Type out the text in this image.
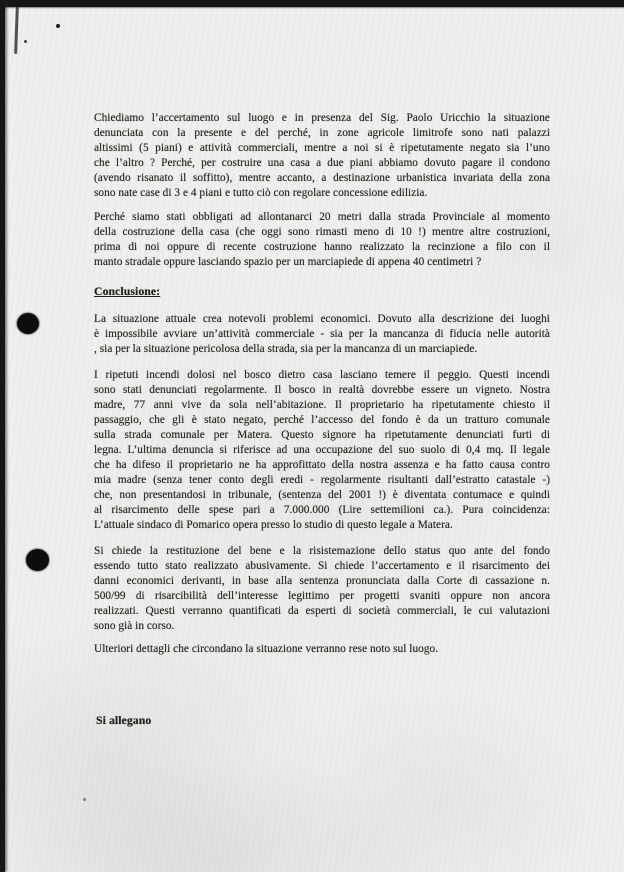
Chiediamo l’accertamento sul luogo e in presenza del Sig. Paolo Uricchio la situazione
denunciata con la presente e del perché, in zone agricole limitrofe sono nati palazzi
altissimi (5 piani) e attività commerciali, mentre a noi si è ripetutamente negato sia l’uno
che l’altro ? Perché, per costruire una casa a due piani abbiamo dovuto pagare il condono
(avendo risanato il soffitto), mentre accanto, a destinazione urbanistica invariata della zona
sono nate case di 3 e 4 piani e tutto ciò con regolare concessione edilizia.
Perché siamo stati obbligati ad allontanarci 20 metri dalla strada Provinciale al momento
della costruzione della casa (che oggi sono rimasti meno di 10 !) mentre altre costruzioni,
prima di noi oppure di recente costruzione hanno realizzato la recinzione a filo con il
manto stradale oppure lasciando spazio per un marciapiede di appena 40 centimetri ?
Conclusione:
La situazione attuale crea notevoli problemi economici. Dovuto alla descrizione dei luoghi
è impossibile avviare un’attività commerciale - sia per la mancanza di fiducia nelle autorità
, sia per la situazione pericolosa della strada, sia per la mancanza di un marciapiede.
I ripetuti incendi dolosi nel bosco dietro casa lasciano temere il peggio. Questi incendi
sono stati denunciati regolarmente. Il bosco in realtà dovrebbe essere un vigneto. Nostra
madre, 77 anni vive da sola nell’abitazione. Il proprietario ha ripetutamente chiesto il
passaggio, che gli è stato negato, perché l’accesso del fondo è da un tratturo comunale
sulla strada comunale per Matera. Questo signore ha ripetutamente denunciati furti di
legna. L’ultima denuncia si riferisce ad una occupazione del suo suolo di 0,4 mq. Il legale
che ha difeso il proprietario ne ha approfittato della nostra assenza e ha fatto causa contro
mia madre (senza tener conto degli eredi - regolarmente risultanti dall’estratto catastale -)
che, non presentandosi in tribunale, (sentenza del 2001 !) è diventata contumace e quindi
al risarcimento delle spese pari a 7.000.000 (Lire settemilioni ca.). Pura coincidenza:
L’attuale sindaco di Pomarico opera presso lo studio di questo legale a Matera.
Si chiede la restituzione del bene e la risistemazione dello status quo ante del fondo
essendo tutto stato realizzato abusivamente. Si chiede l’accertamento e il risarcimento dei
danni economici derivanti, in base alla sentenza pronunciata dalla Corte di cassazione n.
500/99 di risarcibilità dell’interesse legittimo per progetti svaniti oppure non ancora
realizzati. Questi verranno quantificati da esperti di società commerciali, le cui valutazioni
sono già in corso.
Ulteriori dettagli che circondano la situazione verranno rese noto sul luogo.
Si allegano
